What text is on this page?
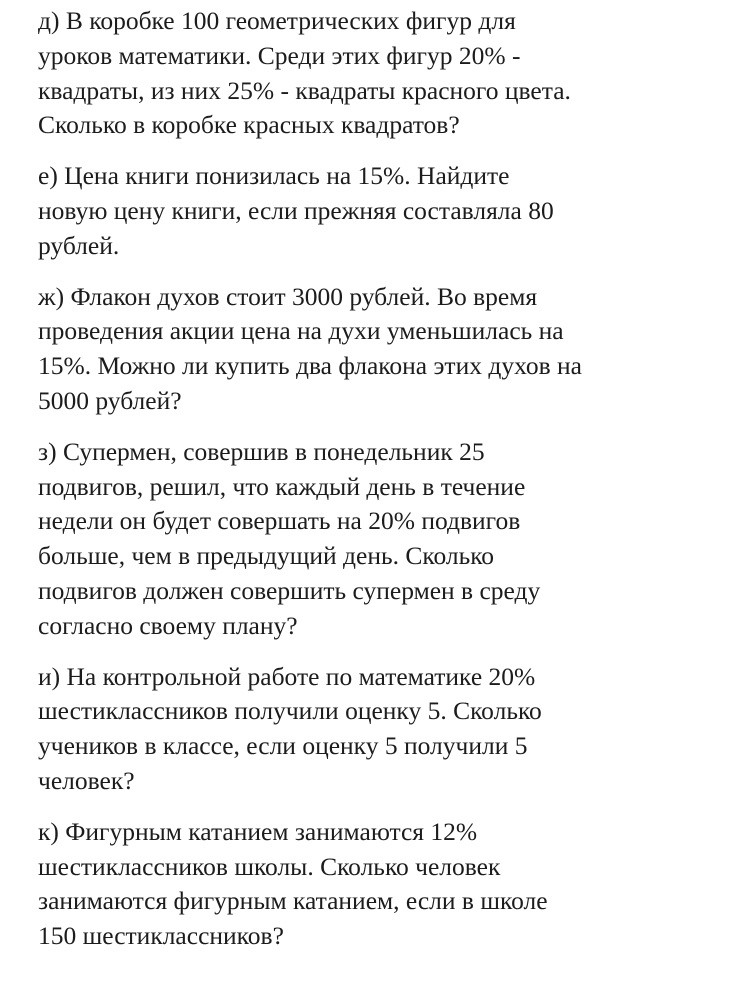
д) В коробке 100 геометрических фигур для
уроков математики. Среди этих фигур 20% -
квадраты, из них 25% - квадраты красного цвета.
Сколько в коробке красных квадратов?
е) Цена книги понизилась на 15%. Найдите
новую цену книги, если прежняя составляла 80
рублей.
ж) Флакон духов стоит 3000 рублей. Во время
проведения акции цена на духи уменьшилась на
15%. Можно ли купить два флакона этих духов на
5000 рублей?
з) Супермен, совершив в понедельник 25
подвигов, решил, что каждый день в течение
недели он будет совершать на 20% подвигов
больше, чем в предыдущий день. Сколько
подвигов должен совершить супермен в среду
согласно своему плану?
и) На контрольной работе по математике 20%
шестиклассников получили оценку 5. Сколько
учеников в классе, если оценку 5 получили 5
человек?
к) Фигурным катанием занимаются 12%
шестиклассников школы. Сколько человек
занимаются фигурным катанием, если в школе
150 шестиклассников?
